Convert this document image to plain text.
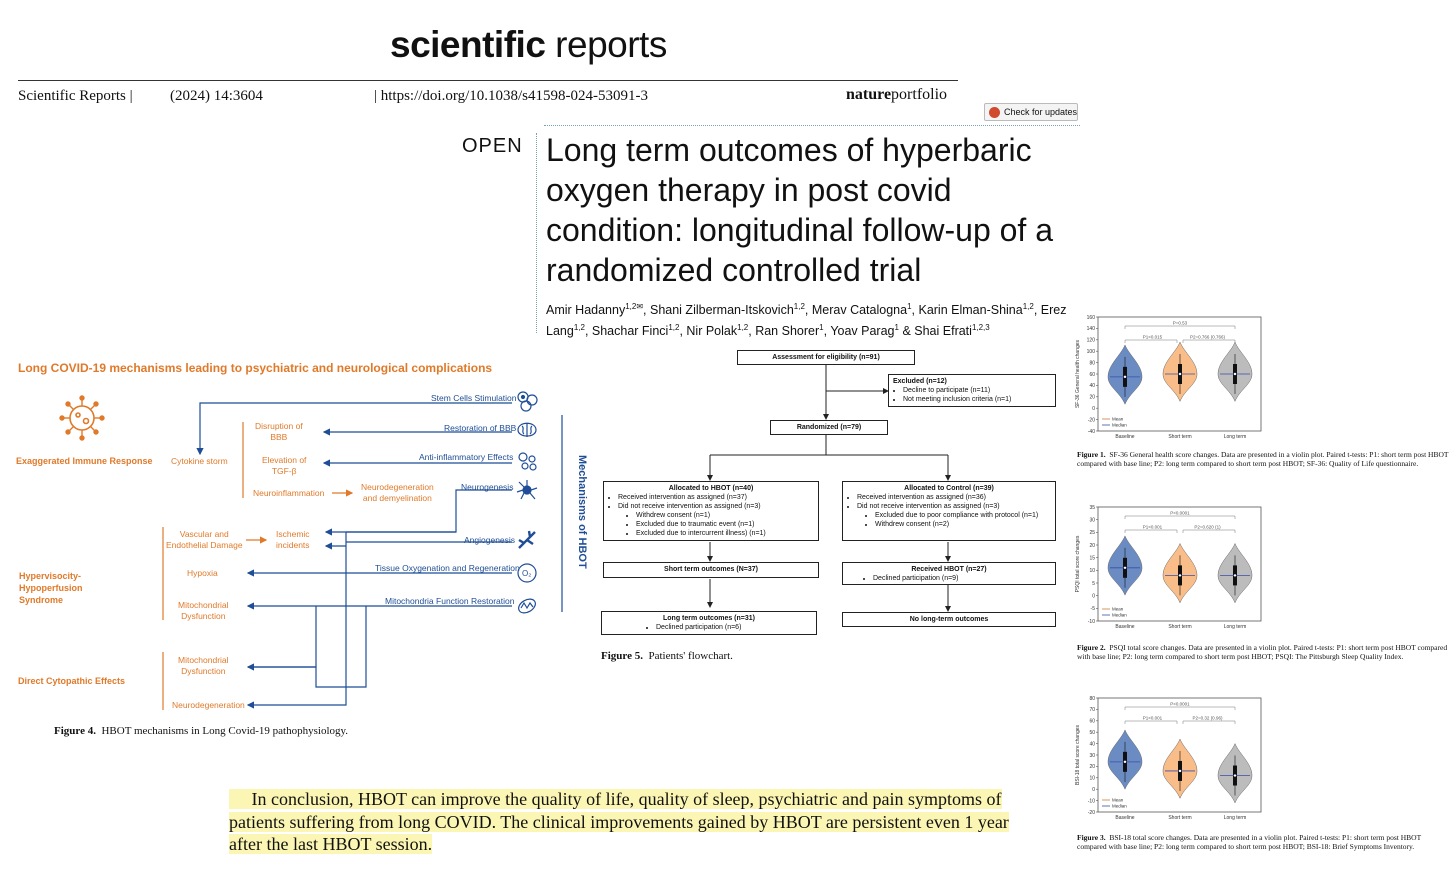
scientific reports
Scientific Reports | (2024) 14:3604	| https://doi.org/10.1038/s41598-024-53091-3	natureportfolio
Check for updates
OPEN Long term outcomes of hyperbaric oxygen therapy in post covid condition: longitudinal follow-up of a randomized controlled trial
Amir Hadanny$^{1,2✉}$, Shani Zilberman-Itskovich$^{1,2}$, Merav Catalogna$^1$, Karin Elman-Shina$^{1,2}$, Erez Lang$^{1,2}$, Shachar Finci$^{1,2}$, Nir Polak$^{1,2}$, Ran Shorer$^1$, Yoav Parag$^1$ & Shai Efrati$^{1,2,3}$
Long COVID-19 mechanisms leading to psychiatric and neurological complications
O₂
Exaggerated Immune Response
Hypervisocity-
Hypoperfusion
Syndrome
Direct Cytopathic Effects
Cytokine storm
Disruption of
BBB
Elevation of
TGF-β
Neuroinflammation
Neurodegeneration
and demyelination
Vascular and
Endothelial Damage
Ischemic
incidents
Hypoxia
Mitochondrial
Dysfunction
Mitochondrial
Dysfunction
Neurodegeneration
Stem Cells Stimulation
Restoration of BBB
Anti-inflammatory Effects
Neurogenesis
Angiogenesis
Tissue Oxygenation and Regeneration
Mitochondria Function Restoration
Mechanisms of HBOT
Figure 4. HBOT mechanisms in Long Covid-19 pathophysiology.
Assessment for eligibility (n=91)
Excluded (n=12)
• Decline to participate (n=11)
• Not meeting inclusion criteria (n=1)
Randomized (n=79)
Allocated to HBOT (n=40)
• Received intervention as assigned (n=37)
• Did not receive intervention as assigned (n=3)
• Withdrew consent (n=1)
• Excluded due to traumatic event (n=1)
• Excluded due to intercurrent illness) (n=1)
Allocated to Control (n=39)
• Received intervention as assigned (n=36)
• Did not receive intervention as assigned (n=3)
• Excluded due to poor compliance with protocol (n=1)
• Withdrew consent (n=2)
Short term outcomes (N=37)	Received HBOT (n=27)
• Declined participation (n=9)
Long term outcomes (n=31)
• Declined participation (n=6)
No long-term outcomes
Figure 5. Patients' flowchart.
-40
-20
0
20
40
60
80
100
120
140
160
SF-36 General health changes
Baseline	Short term	Long term
P=0.53
P1<0.015	P2=0.766 (0.766)
Mean
Median
Figure 1. SF-36 General health score changes. Data are presented in a violin plot. Paired t-tests: P1: short term post HBOT compared with base line; P2: long term compared to short term post HBOT; SF-36: Quality of Life questionnaire.
-10
-5
0
5
10
15
20
25
30
35
PSQI total score changes
Baseline	Short term	Long term
P<0.0001
P1<0.001	P2=0.620 (1)
Mean
Median
Figure 2. PSQI total score changes. Data are presented in a violin plot. Paired t-tests: P1: short term post HBOT compared with base line; P2: long term compared to short term post HBOT; PSQI: The Pittsburgh Sleep Quality Index.
-20
-10
0
10
20
30
40
50
60
70
80
BSI-18 total score changes
Baseline	Short term	Long term
P<0.0001
P1<0.001	P2=0.32 (0.96)
Mean
Median
Figure 3. BSI-18 total score changes. Data are presented in a violin plot. Paired t-tests: P1: short term post HBOT compared with base line; P2: long term compared to short term post HBOT; BSI-18: Brief Symptoms Inventory.
In conclusion, HBOT can improve the quality of life, quality of sleep, psychiatric and pain symptoms of patients suffering from long COVID. The clinical improvements gained by HBOT are persistent even 1 year after the last HBOT session.
